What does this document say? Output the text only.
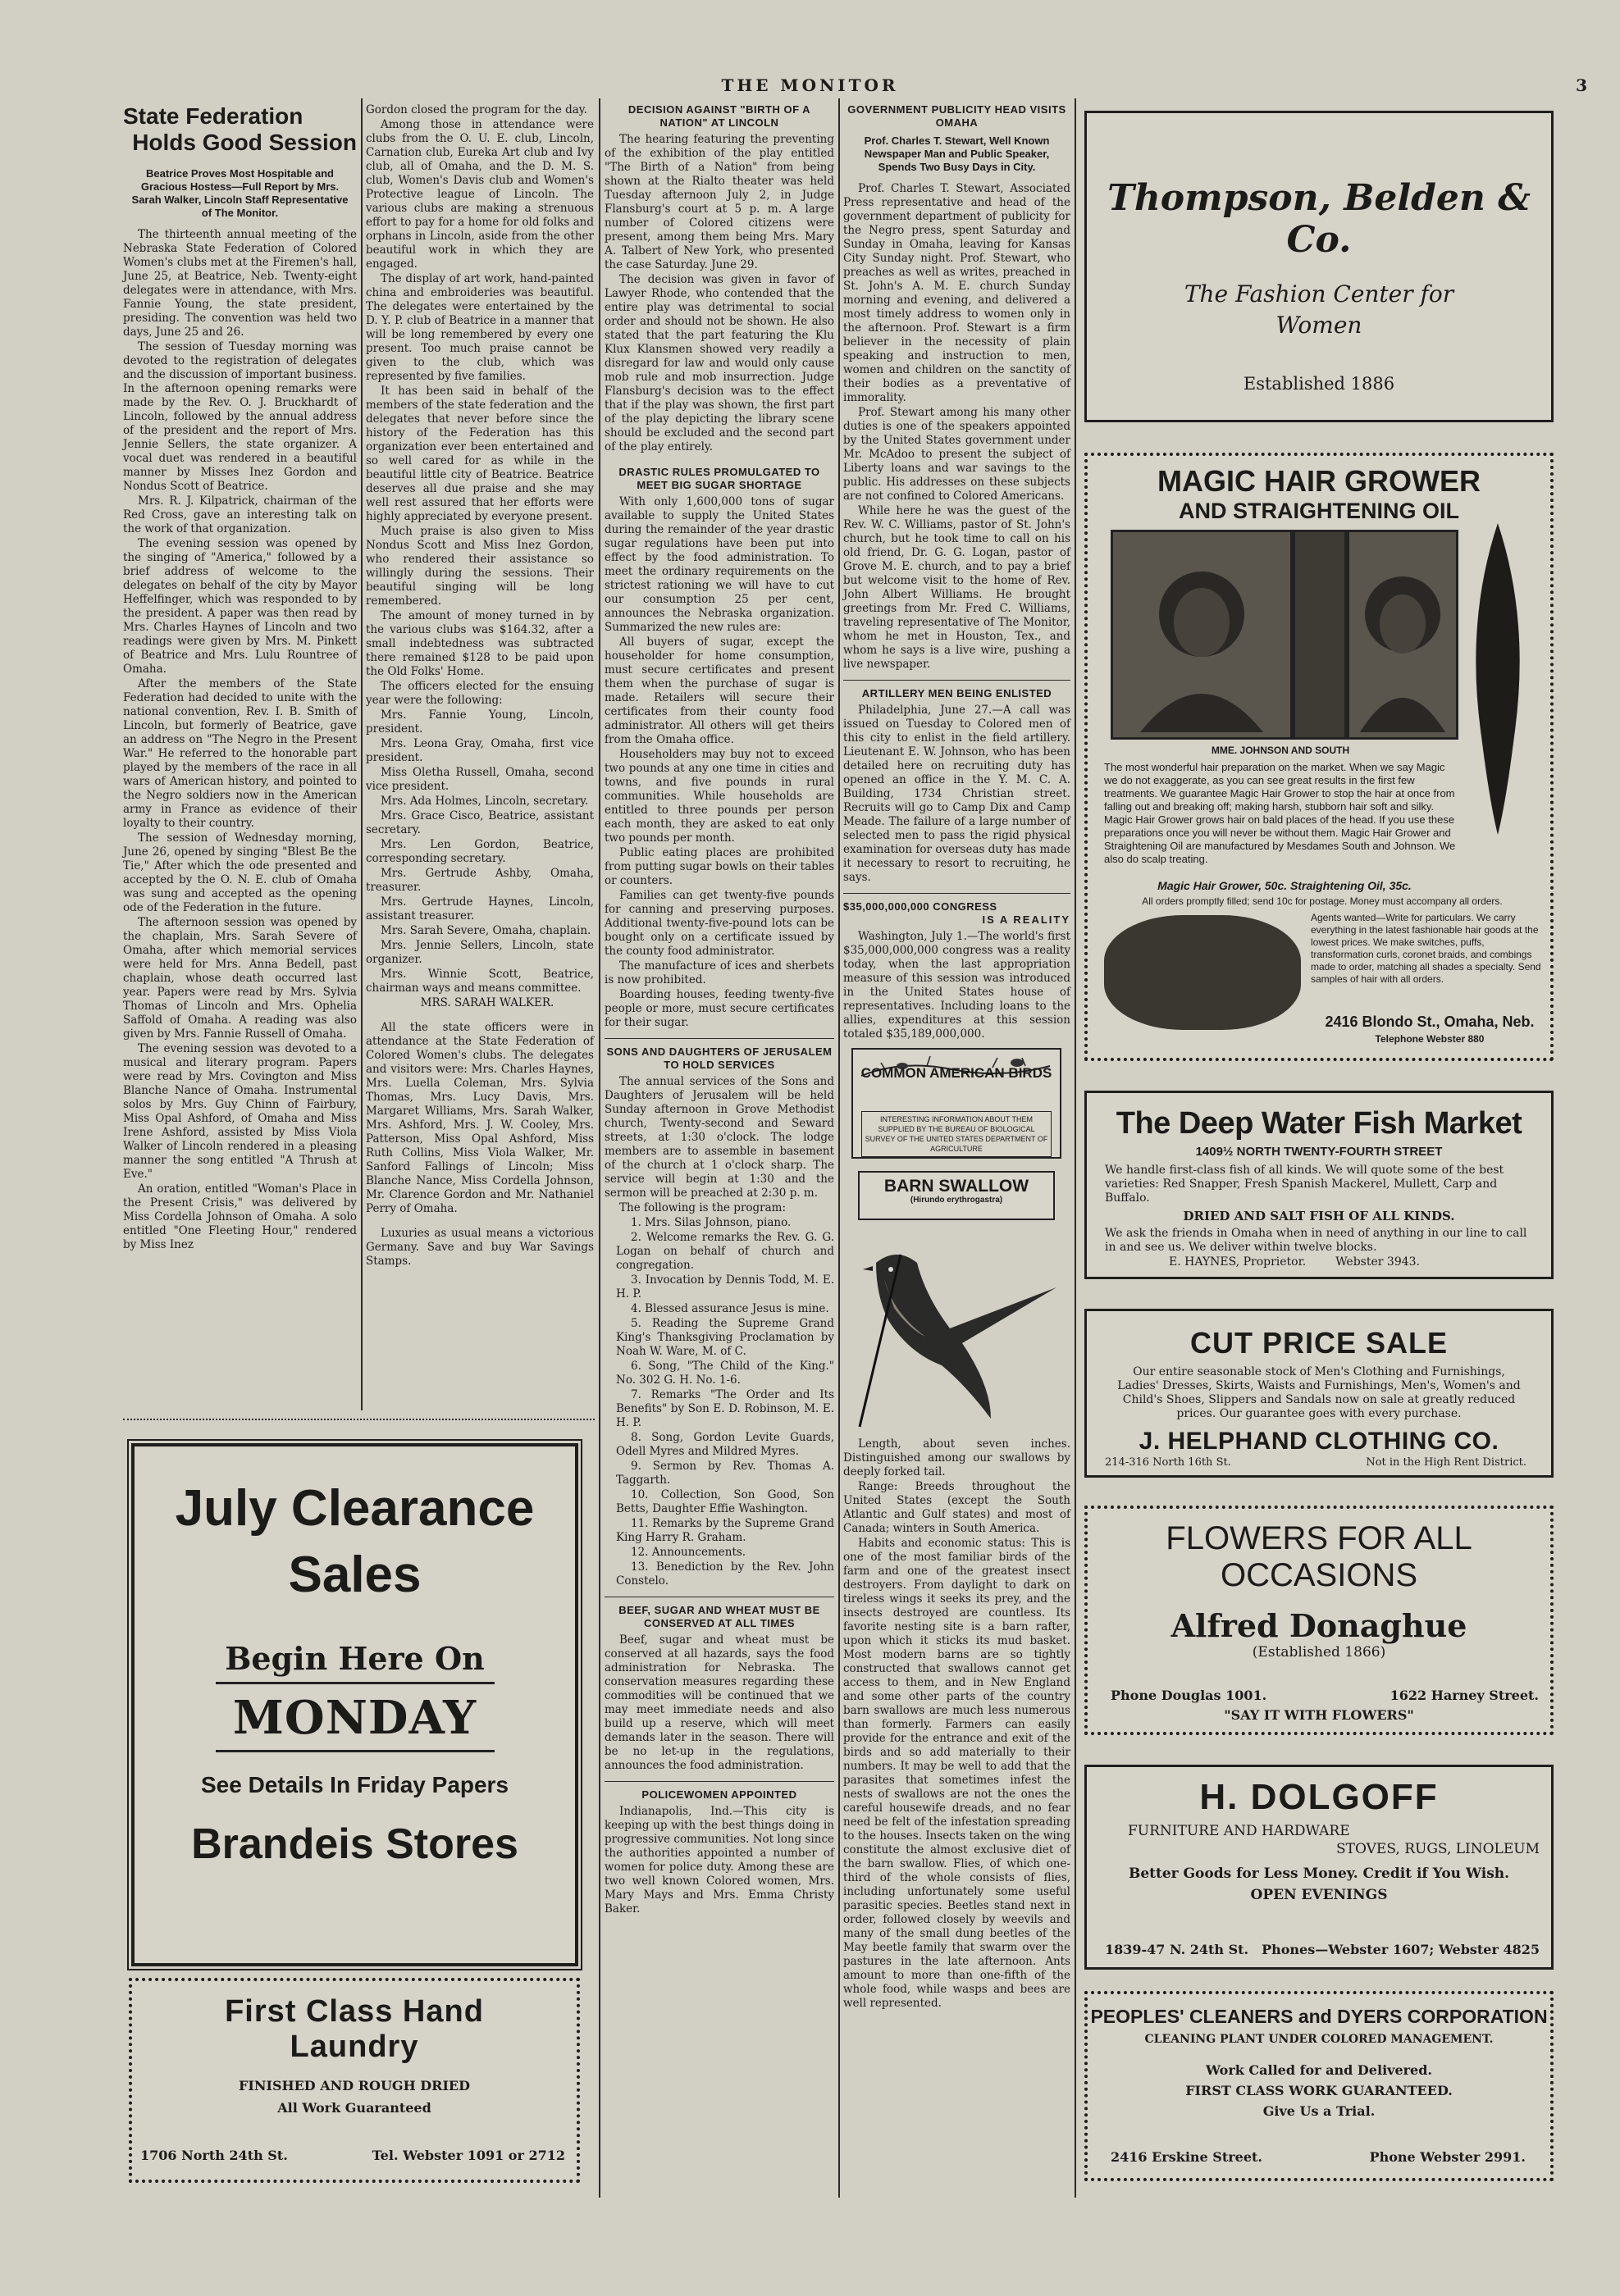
THE MONITOR	3
State Federation
Holds Good Session
Beatrice Proves Most Hospitable and Gracious Hostess—Full Report by Mrs. Sarah Walker, Lincoln Staff Representative of The Monitor.

The thirteenth annual meeting of the Nebraska State Federation of Colored Women's clubs met at the Firemen's hall, June 25, at Beatrice, Neb. Twenty-eight delegates were in attendance, with Mrs. Fannie Young, the state president, presiding. The convention was held two days, June 25 and 26.

The session of Tuesday morning was devoted to the registration of delegates and the discussion of important business. In the afternoon opening remarks were made by the Rev. O. J. Bruckhardt of Lincoln, followed by the annual address of the president and the report of Mrs. Jennie Sellers, the state organizer. A vocal duet was rendered in a beautiful manner by Misses Inez Gordon and Nondus Scott of Beatrice.

Mrs. R. J. Kilpatrick, chairman of the Red Cross, gave an interesting talk on the work of that organization.

The evening session was opened by the singing of "America," followed by a brief address of welcome to the delegates on behalf of the city by Mayor Heffelfinger, which was responded to by the president. A paper was then read by Mrs. Charles Haynes of Lincoln and two readings were given by Mrs. M. Pinkett of Beatrice and Mrs. Lulu Rountree of Omaha.

After the members of the State Federation had decided to unite with the national convention, Rev. I. B. Smith of Lincoln, but formerly of Beatrice, gave an address on "The Negro in the Present War." He referred to the honorable part played by the members of the race in all wars of American history, and pointed to the Negro soldiers now in the American army in France as evidence of their loyalty to their country.

The session of Wednesday morning, June 26, opened by singing "Blest Be the Tie," After which the ode presented and accepted by the O. N. E. club of Omaha was sung and accepted as the opening ode of the Federation in the future.

The afternoon session was opened by the chaplain, Mrs. Sarah Severe of Omaha, after which memorial services were held for Mrs. Anna Bedell, past chaplain, whose death occurred last year. Papers were read by Mrs. Sylvia Thomas of Lincoln and Mrs. Ophelia Saffold of Omaha. A reading was also given by Mrs. Fannie Russell of Omaha.

The evening session was devoted to a musical and literary program. Papers were read by Mrs. Covington and Miss Blanche Nance of Omaha. Instrumental solos by Mrs. Guy Chinn of Fairbury, Miss Opal Ashford, of Omaha and Miss Irene Ashford, assisted by Miss Viola Walker of Lincoln rendered in a pleasing manner the song entitled "A Thrush at Eve."

An oration, entitled "Woman's Place in the Present Crisis," was delivered by Miss Cordella Johnson of Omaha. A solo entitled "One Fleeting Hour," rendered by Miss Inez

Gordon closed the program for the day.

Among those in attendance were clubs from the O. U. E. club, Lincoln, Carnation club, Eureka Art club and Ivy club, all of Omaha, and the D. M. S. club, Women's Davis club and Women's Protective league of Lincoln. The various clubs are making a strenuous effort to pay for a home for old folks and orphans in Lincoln, aside from the other beautiful work in which they are engaged.

The display of art work, hand-painted china and embroideries was beautiful. The delegates were entertained by the D. Y. P. club of Beatrice in a manner that will be long remembered by every one present. Too much praise cannot be given to the club, which was represented by five families.

It has been said in behalf of the members of the state federation and the delegates that never before since the history of the Federation has this organization ever been entertained and so well cared for as while in the beautiful little city of Beatrice. Beatrice deserves all due praise and she may well rest assured that her efforts were highly appreciated by everyone present.

Much praise is also given to Miss Nondus Scott and Miss Inez Gordon, who rendered their assistance so willingly during the sessions. Their beautiful singing will be long remembered.

The amount of money turned in by the various clubs was $164.32, after a small indebtedness was subtracted there remained $128 to be paid upon the Old Folks' Home.

The officers elected for the ensuing year were the following:

Mrs. Fannie Young, Lincoln, president.

Mrs. Leona Gray, Omaha, first vice president.

Miss Oletha Russell, Omaha, second vice president.

Mrs. Ada Holmes, Lincoln, secretary.

Mrs. Grace Cisco, Beatrice, assistant secretary.

Mrs. Len Gordon, Beatrice, corresponding secretary.

Mrs. Gertrude Ashby, Omaha, treasurer.

Mrs. Gertrude Haynes, Lincoln, assistant treasurer.

Mrs. Sarah Severe, Omaha, chaplain.

Mrs. Jennie Sellers, Lincoln, state organizer.

Mrs. Winnie Scott, Beatrice, chairman ways and means committee.

MRS. SARAH WALKER.

All the state officers were in attendance at the State Federation of Colored Women's clubs. The delegates and visitors were: Mrs. Charles Haynes, Mrs. Luella Coleman, Mrs. Sylvia Thomas, Mrs. Lucy Davis, Mrs. Margaret Williams, Mrs. Sarah Walker, Mrs. Ashford, Mrs. J. W. Cooley, Mrs. Patterson, Miss Opal Ashford, Miss Ruth Collins, Miss Viola Walker, Mr. Sanford Fallings of Lincoln; Miss Blanche Nance, Miss Cordella Johnson, Mr. Clarence Gordon and Mr. Nathaniel Perry of Omaha.

Luxuries as usual means a victorious Germany. Save and buy War Savings Stamps.

DECISION AGAINST "BIRTH OF A NATION" AT LINCOLN

The hearing featuring the preventing of the exhibition of the play entitled "The Birth of a Nation" from being shown at the Rialto theater was held Tuesday afternoon July 2, in Judge Flansburg's court at 5 p. m. A large number of Colored citizens were present, among them being Mrs. Mary A. Talbert of New York, who presented the case Saturday. June 29.

The decision was given in favor of Lawyer Rhode, who contended that the entire play was detrimental to social order and should not be shown. He also stated that the part featuring the Klu Klux Klansmen showed very readily a disregard for law and would only cause mob rule and mob insurrection. Judge Flansburg's decision was to the effect that if the play was shown, the first part of the play depicting the library scene should be excluded and the second part of the play entirely.

DRASTIC RULES PROMULGATED TO MEET BIG SUGAR SHORTAGE

With only 1,600,000 tons of sugar available to supply the United States during the remainder of the year drastic sugar regulations have been put into effect by the food administration. To meet the ordinary requirements on the strictest rationing we will have to cut our consumption 25 per cent, announces the Nebraska organization. Summarized the new rules are:

All buyers of sugar, except the householder for home consumption, must secure certificates and present them when the purchase of sugar is made. Retailers will secure their certificates from their county food administrator. All others will get theirs from the Omaha office.

Householders may buy not to exceed two pounds at any one time in cities and towns, and five pounds in rural communities. While households are entitled to three pounds per person each month, they are asked to eat only two pounds per month.

Public eating places are prohibited from putting sugar bowls on their tables or counters.

Families can get twenty-five pounds for canning and preserving purposes. Additional twenty-five-pound lots can be bought only on a certificate issued by the county food administrator.

The manufacture of ices and sherbets is now prohibited.

Boarding houses, feeding twenty-five people or more, must secure certificates for their sugar.

SONS AND DAUGHTERS OF JERUSALEM TO HOLD SERVICES

The annual services of the Sons and Daughters of Jerusalem will be held Sunday afternoon in Grove Methodist church, Twenty-second and Seward streets, at 1:30 o'clock. The lodge members are to assemble in basement of the church at 1 o'clock sharp. The service will begin at 1:30 and the sermon will be preached at 2:30 p. m.

The following is the program:

1. Mrs. Silas Johnson, piano.

2. Welcome remarks the Rev. G. G. Logan on behalf of church and congregation.

3. Invocation by Dennis Todd, M. E. H. P.

4. Blessed assurance Jesus is mine.

5. Reading the Supreme Grand King's Thanksgiving Proclamation by Noah W. Ware, M. of C.

6. Song, "The Child of the King." No. 302 G. H. No. 1-6.

7. Remarks "The Order and Its Benefits" by Son E. D. Robinson, M. E. H. P.

8. Song, Gordon Levite Guards, Odell Myres and Mildred Myres.

9. Sermon by Rev. Thomas A. Taggarth.

10. Collection, Son Good, Son Betts, Daughter Effie Washington.

11. Remarks by the Supreme Grand King Harry R. Graham.

12. Announcements.

13. Benediction by the Rev. John Constelo.

BEEF, SUGAR AND WHEAT MUST BE CONSERVED AT ALL TIMES

Beef, sugar and wheat must be conserved at all hazards, says the food administration for Nebraska. The conservation measures regarding these commodities will be continued that we may meet immediate needs and also build up a reserve, which will meet demands later in the season. There will be no let-up in the regulations, announces the food administration.

POLICEWOMEN APPOINTED

Indianapolis, Ind.—This city is keeping up with the best things doing in progressive communities. Not long since the authorities appointed a number of women for police duty. Among these are two well known Colored women, Mrs. Mary Mays and Mrs. Emma Christy Baker.

GOVERNMENT PUBLICITY HEAD VISITS OMAHA
Prof. Charles T. Stewart, Well Known Newspaper Man and Public Speaker, Spends Two Busy Days in City.

Prof. Charles T. Stewart, Associated Press representative and head of the government department of publicity for the Negro press, spent Saturday and Sunday in Omaha, leaving for Kansas City Sunday night. Prof. Stewart, who preaches as well as writes, preached in St. John's A. M. E. church Sunday morning and evening, and delivered a most timely address to women only in the afternoon. Prof. Stewart is a firm believer in the necessity of plain speaking and instruction to men, women and children on the sanctity of their bodies as a preventative of immorality.

Prof. Stewart among his many other duties is one of the speakers appointed by the United States government under Mr. McAdoo to present the subject of Liberty loans and war savings to the public. His addresses on these subjects are not confined to Colored Americans.

While here he was the guest of the Rev. W. C. Williams, pastor of St. John's church, but he took time to call on his old friend, Dr. G. G. Logan, pastor of Grove M. E. church, and to pay a brief but welcome visit to the home of Rev. John Albert Williams. He brought greetings from Mr. Fred C. Williams, traveling representative of The Monitor, whom he met in Houston, Tex., and whom he says is a live wire, pushing a live newspaper.

ARTILLERY MEN BEING ENLISTED

Philadelphia, June 27.—A call was issued on Tuesday to Colored men of this city to enlist in the field artillery. Lieutenant E. W. Johnson, who has been detailed here on recruiting duty has opened an office in the Y. M. C. A. Building, 1734 Christian street. Recruits will go to Camp Dix and Camp Meade. The failure of a large number of selected men to pass the rigid physical examination for overseas duty has made it necessary to resort to recruiting, he says.

$35,000,000,000 CONGRESS
IS A REALITY

Washington, July 1.—The world's first $35,000,000,000 congress was a reality today, when the last appropriation measure of this session was introduced in the United States house of representatives. Including loans to the allies, expenditures at this session totaled $35,189,000,000.

COMMON AMERICAN BIRDS
INTERESTING INFORMATION ABOUT THEM SUPPLIED BY THE BUREAU OF BIOLOGICAL SURVEY OF THE UNITED STATES DEPARTMENT OF AGRICULTURE
BARN SWALLOW
(Hirundo erythrogastra)

Length, about seven inches. Distinguished among our swallows by deeply forked tail.

Range: Breeds throughout the United States (except the South Atlantic and Gulf states) and most of Canada; winters in South America.

Habits and economic status: This is one of the most familiar birds of the farm and one of the greatest insect destroyers. From daylight to dark on tireless wings it seeks its prey, and the insects destroyed are countless. Its favorite nesting site is a barn rafter, upon which it sticks its mud basket. Most modern barns are so tightly constructed that swallows cannot get access to them, and in New England and some other parts of the country barn swallows are much less numerous than formerly. Farmers can easily provide for the entrance and exit of the birds and so add materially to their numbers. It may be well to add that the parasites that sometimes infest the nests of swallows are not the ones the careful housewife dreads, and no fear need be felt of the infestation spreading to the houses. Insects taken on the wing constitute the almost exclusive diet of the barn swallow. Flies, of which one-third of the whole consists of flies, including unfortunately some useful parasitic species. Beetles stand next in order, followed closely by weevils and many of the small dung beetles of the May beetle family that swarm over the pastures in the late afternoon. Ants amount to more than one-fifth of the whole food, while wasps and bees are well represented.

Thompson, Belden & Co.
The Fashion Center for Women
Established 1886
MAGIC HAIR GROWER
AND STRAIGHTENING OIL
MME. JOHNSON AND SOUTH
The most wonderful hair preparation on the market. When we say Magic we do not exaggerate, as you can see great results in the first few treatments. We guarantee Magic Hair Grower to stop the hair at once from falling out and breaking off; making harsh, stubborn hair soft and silky. Magic Hair Grower grows hair on bald places of the head. If you use these preparations once you will never be without them. Magic Hair Grower and Straightening Oil are manufactured by Mesdames South and Johnson. We also do scalp treating.
Magic Hair Grower, 50c. Straightening Oil, 35c.
All orders promptly filled; send 10c for postage. Money must accompany all orders.
Agents wanted—Write for particulars. We carry everything in the latest fashionable hair goods at the lowest prices. We make switches, puffs, transformation curls, coronet braids, and combings made to order, matching all shades a specialty. Send samples of hair with all orders.
2416 Blondo St., Omaha, Neb.
Telephone Webster 880
The Deep Water Fish Market
1409½ NORTH TWENTY-FOURTH STREET
We handle first-class fish of all kinds. We will quote some of the best varieties: Red Snapper, Fresh Spanish Mackerel, Mullett, Carp and Buffalo.
DRIED AND SALT FISH OF ALL KINDS.
We ask the friends in Omaha when in need of anything in our line to call in and see us. We deliver within twelve blocks.
E. HAYNES, Proprietor.	Webster 3943.
CUT PRICE SALE
Our entire seasonable stock of Men's Clothing and Furnishings, Ladies' Dresses, Skirts, Waists and Furnishings, Men's, Women's and Child's Shoes, Slippers and Sandals now on sale at greatly reduced prices. Our guarantee goes with every purchase.
J. HELPHAND CLOTHING CO.
214-316 North 16th St.	Not in the High Rent District.
FLOWERS FOR ALL
OCCASIONS
Alfred Donaghue
(Established 1866)
Phone Douglas 1001.	1622 Harney Street.
"SAY IT WITH FLOWERS"
H. DOLGOFF
FURNITURE AND HARDWARE
STOVES, RUGS, LINOLEUM
Better Goods for Less Money. Credit if You Wish.
OPEN EVENINGS
1839-47 N. 24th St. Phones—Webster 1607; Webster 4825
PEOPLES' CLEANERS and DYERS CORPORATION
CLEANING PLANT UNDER COLORED MANAGEMENT.
Work Called for and Delivered.
FIRST CLASS WORK GUARANTEED.
Give Us a Trial.
2416 Erskine Street.	Phone Webster 2991.
July Clearance
Sales
Begin Here On
MONDAY
See Details In Friday Papers
Brandeis Stores
First Class Hand
Laundry
FINISHED AND ROUGH DRIED
All Work Guaranteed
1706 North 24th St.	Tel. Webster 1091 or 2712
